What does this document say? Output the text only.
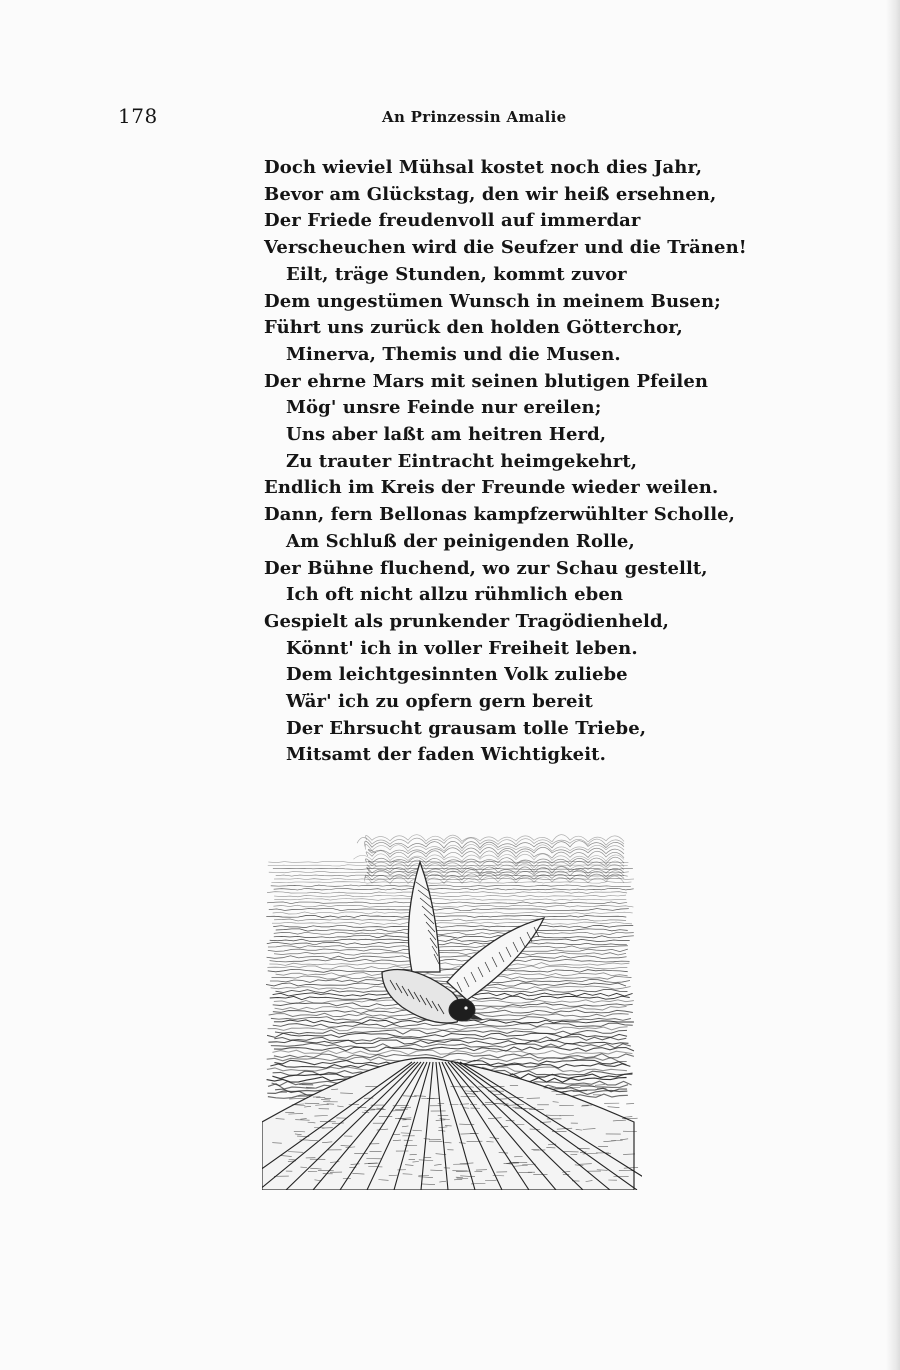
178	An Prinzessin Amalie
Doch wieviel Mühsal kostet noch dies Jahr,
Bevor am Glückstag, den wir heiß ersehnen,
Der Friede freudenvoll auf immerdar
Verscheuchen wird die Seufzer und die Tränen!
Eilt, träge Stunden, kommt zuvor
Dem ungestümen Wunsch in meinem Busen;
Führt uns zurück den holden Götterchor,
Minerva, Themis und die Musen.
Der ehrne Mars mit seinen blutigen Pfeilen
Mög' unsre Feinde nur ereilen;
Uns aber laßt am heitren Herd,
Zu trauter Eintracht heimgekehrt,
Endlich im Kreis der Freunde wieder weilen.
Dann, fern Bellonas kampfzerwühlter Scholle,
Am Schluß der peinigenden Rolle,
Der Bühne fluchend, wo zur Schau gestellt,
Ich oft nicht allzu rühmlich eben
Gespielt als prunkender Tragödienheld,
Könnt' ich in voller Freiheit leben.
Dem leichtgesinnten Volk zuliebe
Wär' ich zu opfern gern bereit
Der Ehrsucht grausam tolle Triebe,
Mitsamt der faden Wichtigkeit.
